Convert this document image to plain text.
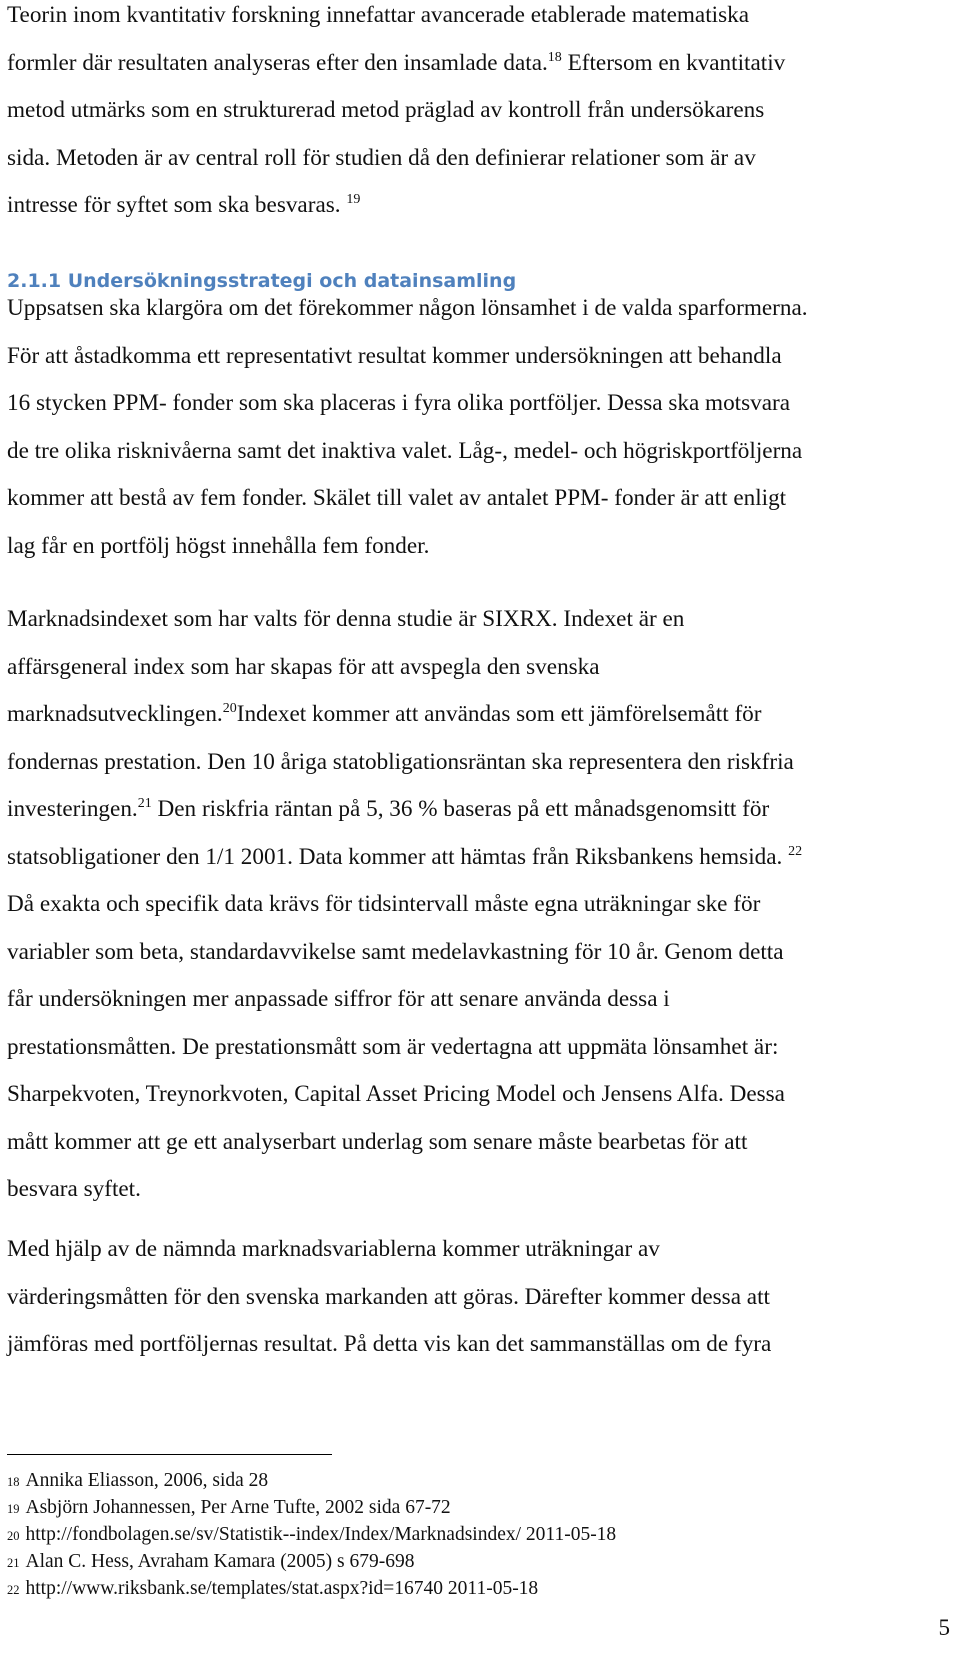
Teorin inom kvantitativ forskning innefattar avancerade etablerade matematiska
formler där resultaten analyseras efter den insamlade data.$^{18}$ Eftersom en kvantitativ
metod utmärks som en strukturerad metod präglad av kontroll från undersökarens
sida. Metoden är av central roll för studien då den definierar relationer som är av
intresse för syftet som ska besvaras. $^{19}$
2.1.1 Undersökningsstrategi och datainsamling
Uppsatsen ska klargöra om det förekommer någon lönsamhet i de valda sparformerna.
För att åstadkomma ett representativt resultat kommer undersökningen att behandla
16 stycken PPM- fonder som ska placeras i fyra olika portföljer. Dessa ska motsvara
de tre olika risknivåerna samt det inaktiva valet. Låg-, medel- och högriskportföljerna
kommer att bestå av fem fonder. Skälet till valet av antalet PPM- fonder är att enligt
lag får en portfölj högst innehålla fem fonder.
Marknadsindexet som har valts för denna studie är SIXRX. Indexet är en
affärsgeneral index som har skapas för att avspegla den svenska
marknadsutvecklingen.$^{20}$Indexet kommer att användas som ett jämförelsemått för
fondernas prestation. Den 10 åriga statobligationsräntan ska representera den riskfria
investeringen.$^{21}$ Den riskfria räntan på 5, 36 % baseras på ett månadsgenomsitt för
statsobligationer den 1/1 2001. Data kommer att hämtas från Riksbankens hemsida. $^{22}$
Då exakta och specifik data krävs för tidsintervall måste egna uträkningar ske för
variabler som beta, standardavvikelse samt medelavkastning för 10 år. Genom detta
får undersökningen mer anpassade siffror för att senare använda dessa i
prestationsmåtten. De prestationsmått som är vedertagna att uppmäta lönsamhet är:
Sharpekvoten, Treynorkvoten, Capital Asset Pricing Model och Jensens Alfa. Dessa
mått kommer att ge ett analyserbart underlag som senare måste bearbetas för att
besvara syftet.
Med hjälp av de nämnda marknadsvariablerna kommer uträkningar av
värderingsmåtten för den svenska markanden att göras. Därefter kommer dessa att
jämföras med portföljernas resultat. På detta vis kan det sammanställas om de fyra
$^{18}$ Annika Eliasson, 2006, sida 28
$^{19}$ Asbjörn Johannessen, Per Arne Tufte, 2002 sida 67-72
$^{20}$ http://fondbolagen.se/sv/Statistik--index/Index/Marknadsindex/ 2011-05-18
$^{21}$ Alan C. Hess, Avraham Kamara (2005) s 679-698
$^{22}$ http://www.riksbank.se/templates/stat.aspx?id=16740 2011-05-18
5
